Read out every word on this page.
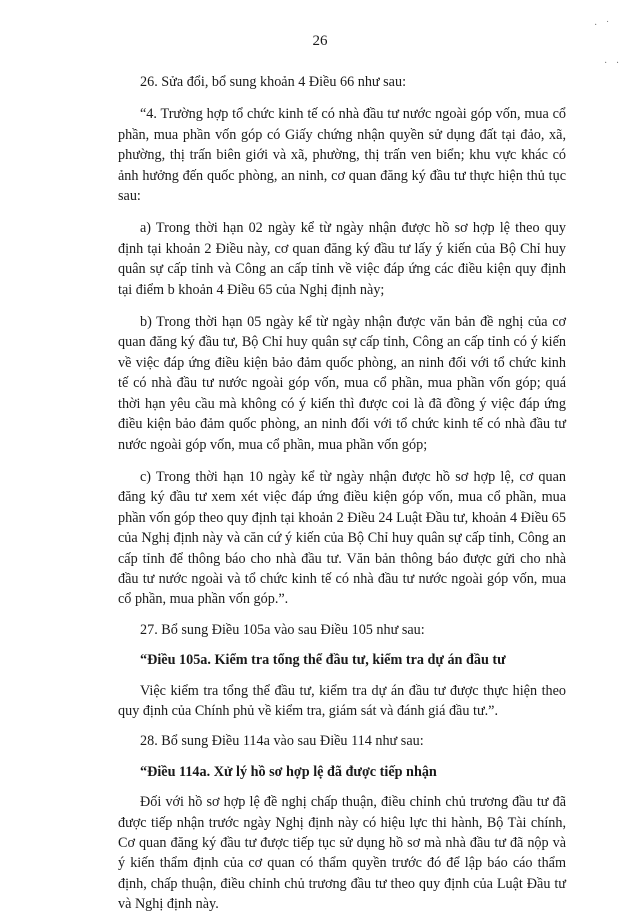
26
· ˙
· ·

26. Sửa đổi, bổ sung khoản 4 Điều 66 như sau:

“4. Trường hợp tổ chức kinh tế có nhà đầu tư nước ngoài góp vốn, mua cổ phần, mua phần vốn góp có Giấy chứng nhận quyền sử dụng đất tại đảo, xã, phường, thị trấn biên giới và xã, phường, thị trấn ven biển; khu vực khác có ảnh hưởng đến quốc phòng, an ninh, cơ quan đăng ký đầu tư thực hiện thủ tục sau:

a) Trong thời hạn 02 ngày kể từ ngày nhận được hồ sơ hợp lệ theo quy định tại khoản 2 Điều này, cơ quan đăng ký đầu tư lấy ý kiến của Bộ Chỉ huy quân sự cấp tỉnh và Công an cấp tỉnh về việc đáp ứng các điều kiện quy định tại điểm b khoản 4 Điều 65 của Nghị định này;

b) Trong thời hạn 05 ngày kể từ ngày nhận được văn bản đề nghị của cơ quan đăng ký đầu tư, Bộ Chỉ huy quân sự cấp tỉnh, Công an cấp tỉnh có ý kiến về việc đáp ứng điều kiện bảo đảm quốc phòng, an ninh đối với tổ chức kinh tế có nhà đầu tư nước ngoài góp vốn, mua cổ phần, mua phần vốn góp; quá thời hạn yêu cầu mà không có ý kiến thì được coi là đã đồng ý việc đáp ứng điều kiện bảo đảm quốc phòng, an ninh đối với tổ chức kinh tế có nhà đầu tư nước ngoài góp vốn, mua cổ phần, mua phần vốn góp;

c) Trong thời hạn 10 ngày kể từ ngày nhận được hồ sơ hợp lệ, cơ quan đăng ký đầu tư xem xét việc đáp ứng điều kiện góp vốn, mua cổ phần, mua phần vốn góp theo quy định tại khoản 2 Điều 24 Luật Đầu tư, khoản 4 Điều 65 của Nghị định này và căn cứ ý kiến của Bộ Chỉ huy quân sự cấp tỉnh, Công an cấp tỉnh để thông báo cho nhà đầu tư. Văn bản thông báo được gửi cho nhà đầu tư nước ngoài và tổ chức kinh tế có nhà đầu tư nước ngoài góp vốn, mua cổ phần, mua phần vốn góp.”.

27. Bổ sung Điều 105a vào sau Điều 105 như sau:

“Điều 105a. Kiểm tra tổng thể đầu tư, kiểm tra dự án đầu tư

Việc kiểm tra tổng thể đầu tư, kiểm tra dự án đầu tư được thực hiện theo quy định của Chính phủ về kiểm tra, giám sát và đánh giá đầu tư.”.

28. Bổ sung Điều 114a vào sau Điều 114 như sau:

“Điều 114a. Xử lý hồ sơ hợp lệ đã được tiếp nhận

Đối với hồ sơ hợp lệ đề nghị chấp thuận, điều chỉnh chủ trương đầu tư đã được tiếp nhận trước ngày Nghị định này có hiệu lực thi hành, Bộ Tài chính, Cơ quan đăng ký đầu tư được tiếp tục sử dụng hồ sơ mà nhà đầu tư đã nộp và ý kiến thẩm định của cơ quan có thẩm quyền trước đó để lập báo cáo thẩm định, chấp thuận, điều chỉnh chủ trương đầu tư theo quy định của Luật Đầu tư và Nghị định này.
